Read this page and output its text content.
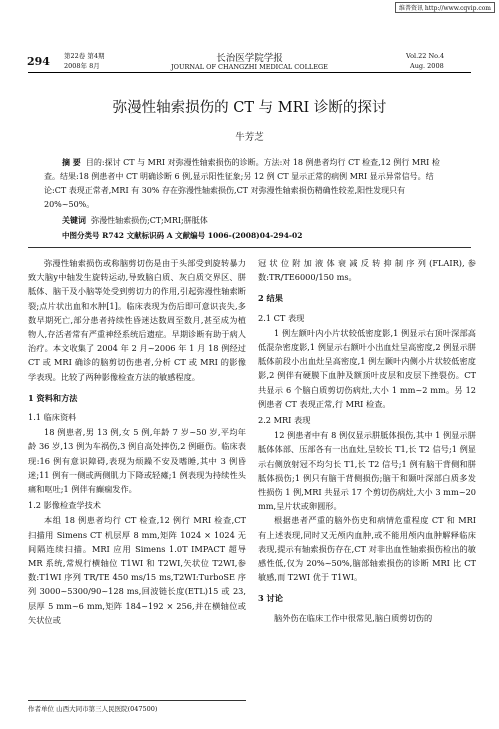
维普资讯 http://www.cqvip.com
294 第22卷 第4期
2008年 8月
长治医学院学报
JOURNAL OF CHANGZHI MEDICAL COLLEGE
Vol.22 No.4
Aug. 2008
弥漫性轴索损伤的 CT 与 MRI 诊断的探讨
牛芳芝
摘 要 目的:探讨 CT 与 MRI 对弥漫性轴索损伤的诊断。方法:对 18 例患者均行 CT 检查,12 例行 MRI 检查。结果:18 例患者中 CT 明确诊断 6 例,显示阳性征象;另 12 例 CT 显示正常的病例 MRI 显示异常信号。结论:CT 表现正常者,MRI 有 30% 存在弥漫性轴索损伤,CT 对弥漫性轴索损伤精确性较差,阳性发现只有 20%~50%。
关键词 弥漫性轴索损伤;CT;MRI;胼胝体
中图分类号 R742 文献标识码 A 文献编号 1006-(2008)04-294-02

弥漫性轴索损伤或称脑剪切伤是由于头部受到旋转暴力致大脑у中轴发生旋转运动,导致脑白质、灰白质交界区、胼胝体、脑干及小脑等处受到剪切力的作用,引起弥漫性轴索断裂;点片状出血和水肿[1]。临床表现为伤后即可意识丧失,多数早期死亡,部分患者持续性昏迷达数周至数月,甚至成为植物人,存活者常有严重神经系统后遗症。早期诊断有助于病人治疗。本文收集了 2004 年 2 月~2006 年 1 月 18 例经过 CT 或 MRI 确诊的脑剪切伤患者,分析 CT 或 MRI 的影像学表现。比较了两种影像检查方法的敏感程度。

1 资料和方法

1.1 临床资料

18 例患者,男 13 例,女 5 例,年龄 7 岁~50 岁,平均年龄 36 岁,13 例为车祸伤,3 例自高处摔伤,2 例砸伤。临床表现:16 例有意识障碍,表现为烦躁不安及嗜睡,其中 3 例昏迷;11 例有一侧或两侧肌力下降或轻瘫;1 例表现为持续性头痛和呕吐;1 例伴有癫痫发作。

1.2 影像检查学技术

本组 18 例患者均行 CT 检查,12 例行 MRI 检查,CT 扫描用 Simens CT 机层厚 8 mm,矩阵 1024 × 1024 无间隔连续扫描。MRI 应用 Simens 1.0T IMPACT 超导 MR 系统,常规行横轴位 T1WI 和 T2WI,矢状位 T2WI,参数:T1WI 序列 TR/TE 450 ms/15 ms,T2WI:TurboSE 序列 3000~5300/90~128 ms,回波链长度(ETL)15 或 23,层厚 5 mm~6 mm,矩阵 184~192 × 256,并在横轴位或矢状位或

冠状位附加液体衰减反转抑制序列(FLAIR),参数:TR/TE6000/150 ms。

2 结果

2.1 CT 表现

1 例左额叶内小片状较低密度影,1 例显示右顶叶深部高低混杂密度影,1 例显示右额叶小出血灶呈高密度,2 例显示胼胝体前段小出血灶呈高密度,1 例左颞叶内侧小片状较低密度影,2 例伴有硬膜下血肿及额顶叶皮层和皮层下挫裂伤。CT 共显示 6 个脑白质剪切伤病灶,大小 1 mm~2 mm。另 12 例患者 CT 表现正常,行 MRI 检查。

2.2 MRI 表现

12 例患者中有 8 例仅显示胼胝体损伤,其中 1 例显示胼胝体体部、压部各有一出血灶,呈较长 T1,长 T2 信号;1 例显示右侧放射冠不均匀长 T1,长 T2 信号;1 例有脑干背侧和胼胝体损伤;1 例只有脑干背侧损伤;脑干和颞叶深部白质多发性损伤 1 例,MRI 共显示 17 个剪切伤病灶,大小 3 mm~20 mm,呈片状或卵圆形。

根据患者严重的脑外伤史和病情危重程度 CT 和 MRI 有上述表现,同时又无颅内血肿,或不能用颅内血肿解释临床表现,提示有轴索损伤存在,CT 对非出血性轴索损伤检出的敏感性低,仅为 20%~50%,脑部轴索损伤的诊断 MRI 比 CT 敏感,而 T2WI 优于 T1WI。

3 讨论

脑外伤在临床工作中很常见,脑白质剪切伤的

作者单位 山西大同市第三人民医院(047500)
